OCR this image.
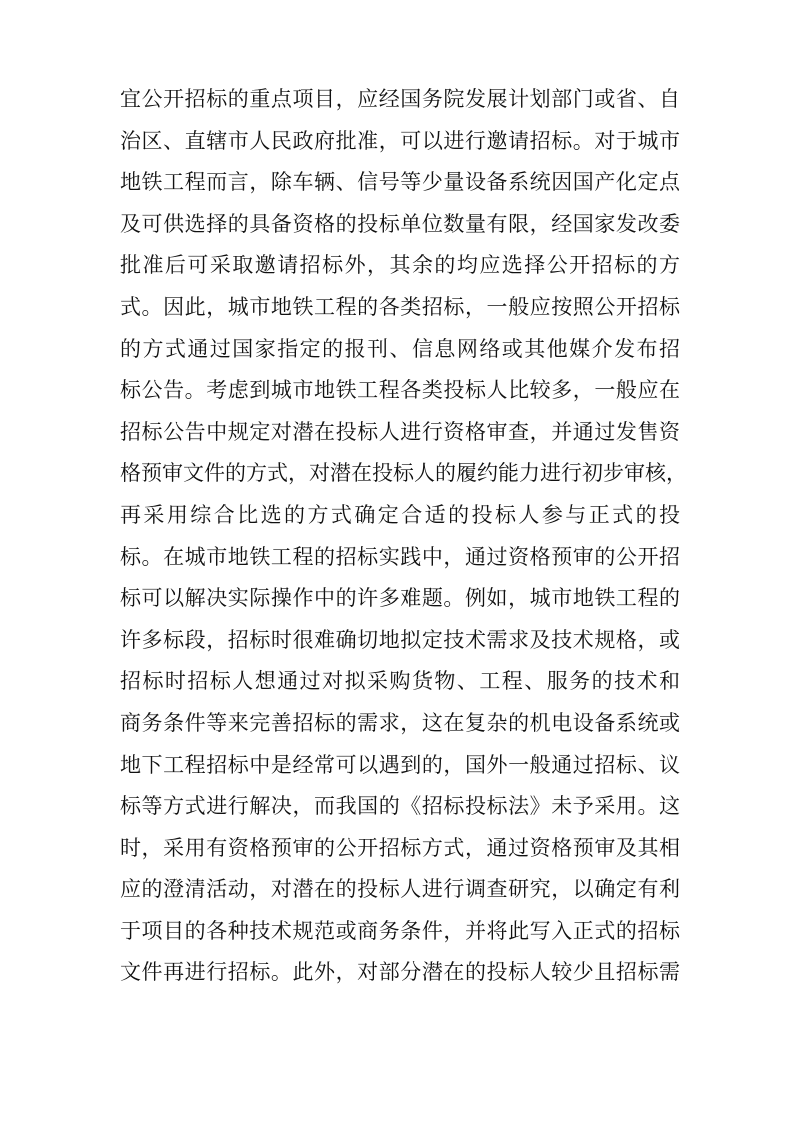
宜公开招标的重点项目，应经国务院发展计划部门或省、自
治区、直辖市人民政府批准，可以进行邀请招标。对于城市
地铁工程而言，除车辆、信号等少量设备系统因国产化定点
及可供选择的具备资格的投标单位数量有限，经国家发改委
批准后可采取邀请招标外，其余的均应选择公开招标的方
式。因此，城市地铁工程的各类招标，一般应按照公开招标
的方式通过国家指定的报刊、信息网络或其他媒介发布招
标公告。考虑到城市地铁工程各类投标人比较多，一般应在
招标公告中规定对潜在投标人进行资格审查，并通过发售资
格预审文件的方式，对潜在投标人的履约能力进行初步审核，
再采用综合比选的方式确定合适的投标人参与正式的投
标。在城市地铁工程的招标实践中，通过资格预审的公开招
标可以解决实际操作中的许多难题。例如，城市地铁工程的
许多标段，招标时很难确切地拟定技术需求及技术规格，或
招标时招标人想通过对拟采购货物、工程、服务的技术和
商务条件等来完善招标的需求，这在复杂的机电设备系统或
地下工程招标中是经常可以遇到的，国外一般通过招标、议
标等方式进行解决，而我国的《招标投标法》未予采用。这
时，采用有资格预审的公开招标方式，通过资格预审及其相
应的澄清活动，对潜在的投标人进行调查研究，以确定有利
于项目的各种技术规范或商务条件，并将此写入正式的招标
文件再进行招标。此外，对部分潜在的投标人较少且招标需
